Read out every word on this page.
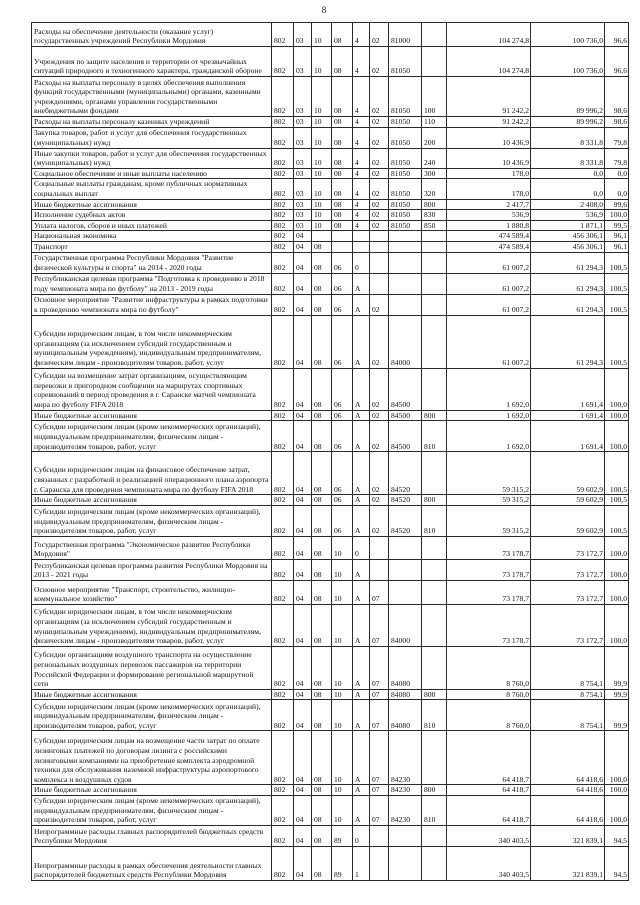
8
Расходы на обеспечение деятельности (оказание услуг) государственных учреждений Республики Мордовия	802	03	10	08	4	02	81000		104 274,8	100 736,0	96,6
Учреждения по защите населения и территории от чрезвычайных ситуаций природного и техногенного характера, гражданской обороне	802	03	10	08	4	02	81050		104 274,8	100 736,0	96,6
Расходы на выплаты персоналу в целях обеспечения выполнения функций государственными (муниципальными) органами, казенными учреждениями, органами управления государственными внебюджетными фондами	802	03	10	08	4	02	81050	100	91 242,2	89 996,2	98,6
Расходы на выплаты персоналу казенных учреждений	802	03	10	08	4	02	81050	110	91 242,2	89 996,2	98,6
Закупка товаров, работ и услуг для обеспечения государственных (муниципальных) нужд	802	03	10	08	4	02	81050	200	10 436,9	8 331,8	79,8
Иные закупки товаров, работ и услуг для обеспечения государственных (муниципальных) нужд	802	03	10	08	4	02	81050	240	10 436,9	8 331,8	79,8
Социальное обеспечение и иные выплаты населению	802	03	10	08	4	02	81050	300	178,0	0,0	0,0
Социальные выплаты гражданам, кроме публичных нормативных социальных выплат	802	03	10	08	4	02	81050	320	178,0	0,0	0,0
Иные бюджетные ассигнования	802	03	10	08	4	02	81050	800	2 417,7	2 408,0	99,6
Исполнение судебных актов	802	03	10	08	4	02	81050	830	536,9	536,9	100,0
Уплата налогов, сборов и иных платежей	802	03	10	08	4	02	81050	850	1 880,8	1 871,1	99,5
Национальная экономика	802	04							474 589,4	456 306,1	96,1
Транспорт	802	04	08						474 589,4	456 306,1	96,1
Государственная программа Республики Мордовия "Развитие физической культуры и спорта" на 2014 - 2020 годы	802	04	08	06	0				61 007,2	61 294,3	100,5
Республиканская целевая программа "Подготовка к проведению в 2018 году чемпионата мира по футболу" на 2013 - 2019 годы	802	04	08	06	А				61 007,2	61 294,3	100,5
Основное мероприятие "Развитие инфраструктуры в рамках подготовки к проведению чемпионата мира по футболу"	802	04	08	06	А	02			61 007,2	61 294,3	100,5
Субсидии юридическим лицам, в том числе некоммерческим организациям (за исключением субсидий государственным и муниципальным учреждениям), индивидуальным предпринимателям, физическим лицам - производителям товаров, работ, услуг	802	04	08	06	А	02	84000		61 007,2	61 294,3	100,5
Субсидии на возмещение затрат организациям, осуществляющим перевозки в пригородном сообщении на маршрутах спортивных соревнований в период проведения в г. Саранске матчей чемпионата мира по футболу FIFA 2018	802	04	08	06	А	02	84500		1 692,0	1 691,4	100,0
Иные бюджетные ассигнования	802	04	08	06	А	02	84500	800	1 692,0	1 691,4	100,0
Субсидии юридическим лицам (кроме некоммерческих организаций), индивидуальным предпринимателям, физическим лицам - производителям товаров, работ, услуг	802	04	08	06	А	02	84500	810	1 692,0	1 691,4	100,0
Субсидии юридическим лицам на финансовое обеспечение затрат, связанных с разработкой и реализацией операционного плана аэропорта г. Саранска для проведения чемпионата мира по футболу FIFA 2018	802	04	08	06	А	02	84520		59 315,2	59 602,9	100,5
Иные бюджетные ассигнования	802	04	08	06	А	02	84520	800	59 315,2	59 602,9	100,5
Субсидии юридическим лицам (кроме некоммерческих организаций), индивидуальным предпринимателям, физическим лицам - производителям товаров, работ, услуг	802	04	08	06	А	02	84520	810	59 315,2	59 602,9	100,5
Государственная программа "Экономическое развитие Республики Мордовия"	802	04	08	10	0				73 178,7	73 172,7	100,0
Республиканская целевая программа развития Республики Мордовия на 2013 - 2021 годы	802	04	08	10	А				73 178,7	73 172,7	100,0
Основное мероприятие "Транспорт, строительство, жилищно-коммунальное хозяйство"	802	04	08	10	А	07			73 178,7	73 172,7	100,0
Субсидии юридическим лицам, в том числе некоммерческим организациям (за исключением субсидий государственным и муниципальным учреждениям), индивидуальным предпринимателям, физическим лицам - производителям товаров, работ, услуг	802	04	08	10	А	07	84000		73 178,7	73 172,7	100,0
Субсидии организациям воздушного транспорта на осуществление региональных воздушных перевозок пассажиров на территории Российской Федерации и формирование региональной маршрутной сети	802	04	08	10	А	07	84080		8 760,0	8 754,1	99,9
Иные бюджетные ассигнования	802	04	08	10	А	07	84080	800	8 760,0	8 754,1	99,9
Субсидии юридическим лицам (кроме некоммерческих организаций), индивидуальным предпринимателям, физическим лицам - производителям товаров, работ, услуг	802	04	08	10	А	07	84080	810	8 760,0	8 754,1	99,9
Субсидии юридическим лицам на возмещение части затрат по оплате лизинговых платежей по договорам лизинга с российскими лизинговыми компаниями на приобретение комплекта аэродромной техники для обслуживания наземной инфраструктуры аэропортового комплекса и воздушных судов	802	04	08	10	А	07	84230		64 418,7	64 418,6	100,0
Иные бюджетные ассигнования	802	04	08	10	А	07	84230	800	64 418,7	64 418,6	100,0
Субсидии юридическим лицам (кроме некоммерческих организаций), индивидуальным предпринимателям, физическим лицам - производителям товаров, работ, услуг	802	04	08	10	А	07	84230	810	64 418,7	64 418,6	100,0
Непрограммные расходы главных распорядителей бюджетных средств Республики Мордовия	802	04	08	89	0				340 403,5	321 839,1	94,5
Непрограммные расходы в рамках обеспечения деятельности главных распорядителей бюджетных средств Республики Мордовия	802	04	08	89	1				340 403,5	321 839,1	94,5
